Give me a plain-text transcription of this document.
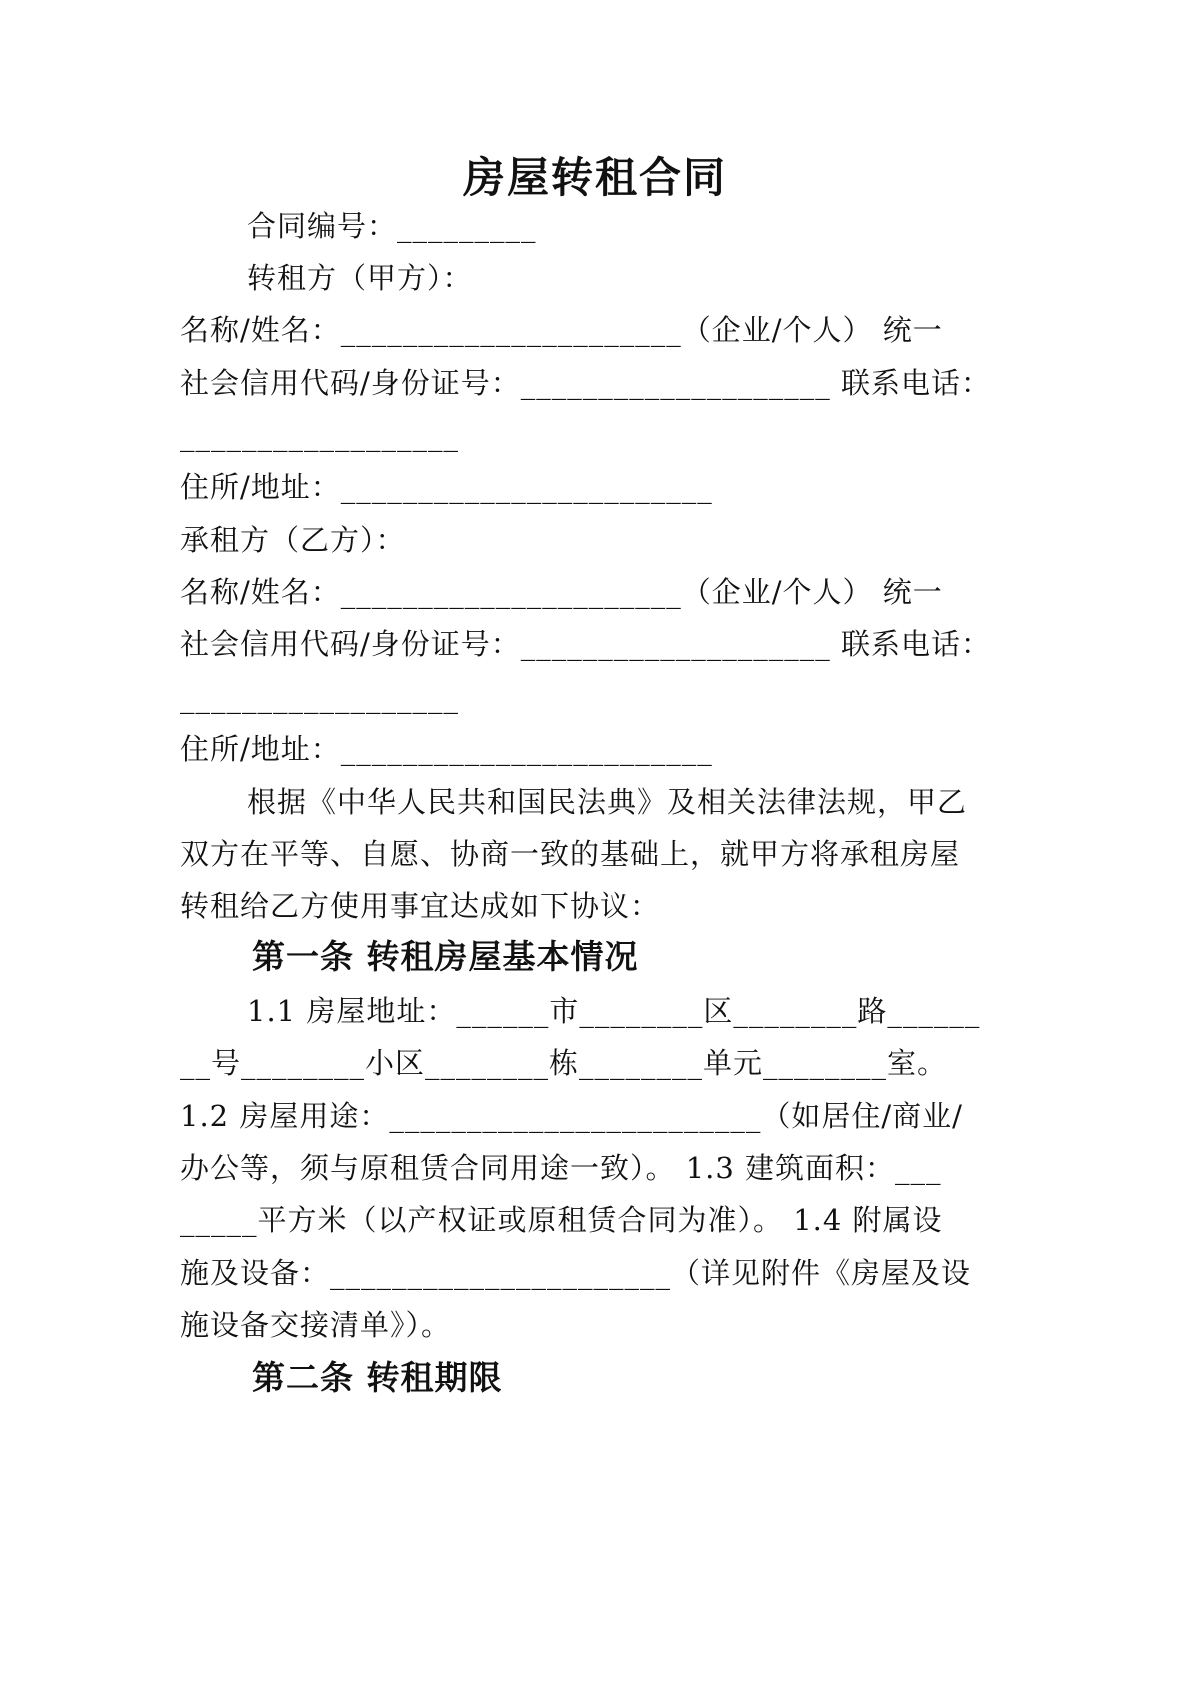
房屋转租合同
合同编号：_________
转租方（甲方）：
名称/姓名：______________________（企业/个人） 统一
社会信用代码/身份证号：____________________ 联系电话：
__________________
住所/地址：________________________
承租方（乙方）：
名称/姓名：______________________（企业/个人） 统一
社会信用代码/身份证号：____________________ 联系电话：
__________________
住所/地址：________________________
根据《中华人民共和国民法典》及相关法律法规，甲乙
双方在平等、自愿、协商一致的基础上，就甲方将承租房屋
转租给乙方使用事宜达成如下协议：
第一条 转租房屋基本情况
1.1 房屋地址：______市________区________路______
__号________小区________栋________单元________室。
1.2 房屋用途：________________________（如居住/商业/
办公等，须与原租赁合同用途一致）。 1.3 建筑面积：___
_____平方米（以产权证或原租赁合同为准）。 1.4 附属设
施及设备：______________________（详见附件《房屋及设
施设备交接清单》）。
第二条 转租期限
